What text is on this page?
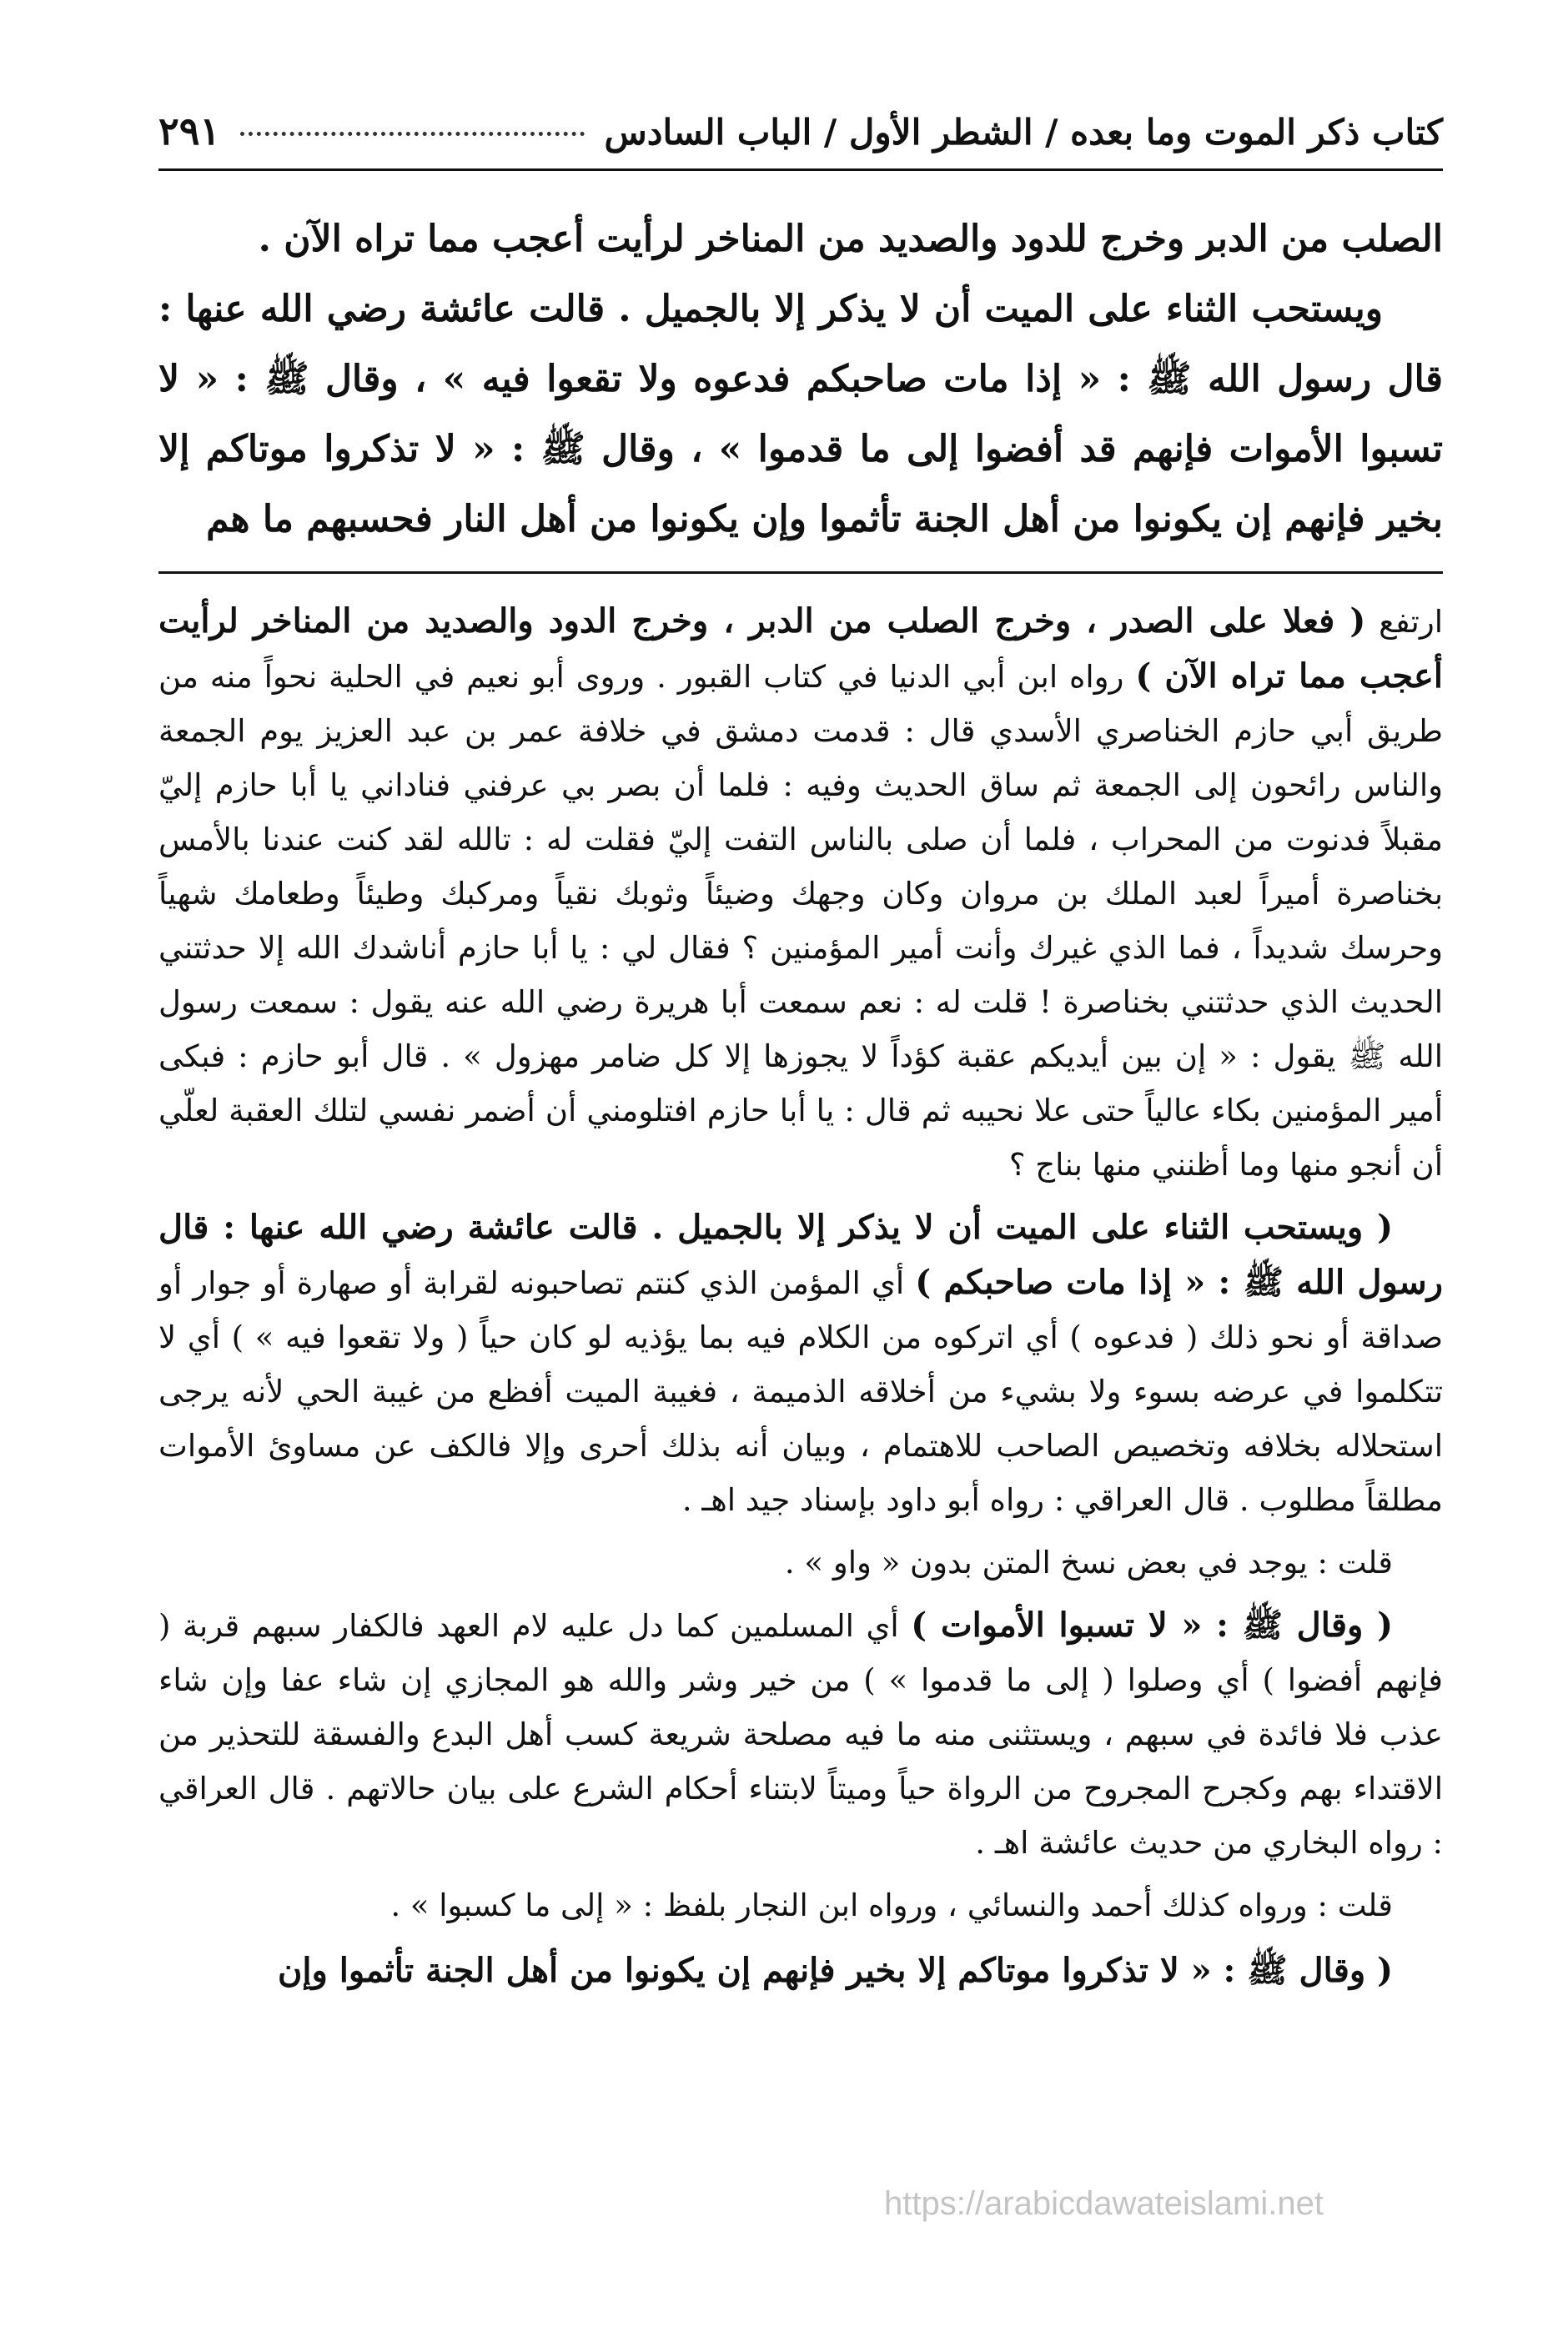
كتاب ذكر الموت وما بعده / الشطر الأول / الباب السادس
٢٩١

الصلب من الدبر وخرج للدود والصديد من المناخر لرأيت أعجب مما تراه الآن .

ويستحب الثناء على الميت أن لا يذكر إلا بالجميل . قالت عائشة رضي الله عنها : قال رسول الله ﷺ : « إذا مات صاحبكم فدعوه ولا تقعوا فيه » ، وقال ﷺ : « لا تسبوا الأموات فإنهم قد أفضوا إلى ما قدموا » ، وقال ﷺ : « لا تذكروا موتاكم إلا بخير فإنهم إن يكونوا من أهل الجنة تأثموا وإن يكونوا من أهل النار فحسبهم ما هم

ارتفع ( فعلا على الصدر ، وخرج الصلب من الدبر ، وخرج الدود والصديد من المناخر لرأيت أعجب مما تراه الآن ) رواه ابن أبي الدنيا في كتاب القبور . وروى أبو نعيم في الحلية نحواً منه من طريق أبي حازم الخناصري الأسدي قال : قدمت دمشق في خلافة عمر بن عبد العزيز يوم الجمعة والناس رائحون إلى الجمعة ثم ساق الحديث وفيه : فلما أن بصر بي عرفني فناداني يا أبا حازم إليّ مقبلاً فدنوت من المحراب ، فلما أن صلى بالناس التفت إليّ فقلت له : تالله لقد كنت عندنا بالأمس بخناصرة أميراً لعبد الملك بن مروان وكان وجهك وضيئاً وثوبك نقياً ومركبك وطيئاً وطعامك شهياً وحرسك شديداً ، فما الذي غيرك وأنت أمير المؤمنين ؟ فقال لي : يا أبا حازم أناشدك الله إلا حدثتني الحديث الذي حدثتني بخناصرة ! قلت له : نعم سمعت أبا هريرة رضي الله عنه يقول : سمعت رسول الله ﷺ يقول : « إن بين أيديكم عقبة كؤداً لا يجوزها إلا كل ضامر مهزول » . قال أبو حازم : فبكى أمير المؤمنين بكاء عالياً حتى علا نحيبه ثم قال : يا أبا حازم افتلومني أن أضمر نفسي لتلك العقبة لعلّي أن أنجو منها وما أظنني منها بناج ؟

( ويستحب الثناء على الميت أن لا يذكر إلا بالجميل . قالت عائشة رضي الله عنها : قال رسول الله ﷺ : « إذا مات صاحبكم ) أي المؤمن الذي كنتم تصاحبونه لقرابة أو صهارة أو جوار أو صداقة أو نحو ذلك ( فدعوه ) أي اتركوه من الكلام فيه بما يؤذيه لو كان حياً ( ولا تقعوا فيه » ) أي لا تتكلموا في عرضه بسوء ولا بشيء من أخلاقه الذميمة ، فغيبة الميت أفظع من غيبة الحي لأنه يرجى استحلاله بخلافه وتخصيص الصاحب للاهتمام ، وبيان أنه بذلك أحرى وإلا فالكف عن مساوئ الأموات مطلقاً مطلوب . قال العراقي : رواه أبو داود بإسناد جيد اهـ .

قلت : يوجد في بعض نسخ المتن بدون « واو » .

( وقال ﷺ : « لا تسبوا الأموات ) أي المسلمين كما دل عليه لام العهد فالكفار سبهم قربة ( فإنهم أفضوا ) أي وصلوا ( إلى ما قدموا » ) من خير وشر والله هو المجازي إن شاء عفا وإن شاء عذب فلا فائدة في سبهم ، ويستثنى منه ما فيه مصلحة شريعة كسب أهل البدع والفسقة للتحذير من الاقتداء بهم وكجرح المجروح من الرواة حياً وميتاً لابتناء أحكام الشرع على بيان حالاتهم . قال العراقي : رواه البخاري من حديث عائشة اهـ .

قلت : ورواه كذلك أحمد والنسائي ، ورواه ابن النجار بلفظ : « إلى ما كسبوا » .

( وقال ﷺ : « لا تذكروا موتاكم إلا بخير فإنهم إن يكونوا من أهل الجنة تأثموا وإن

https://arabicdawateislami.net
